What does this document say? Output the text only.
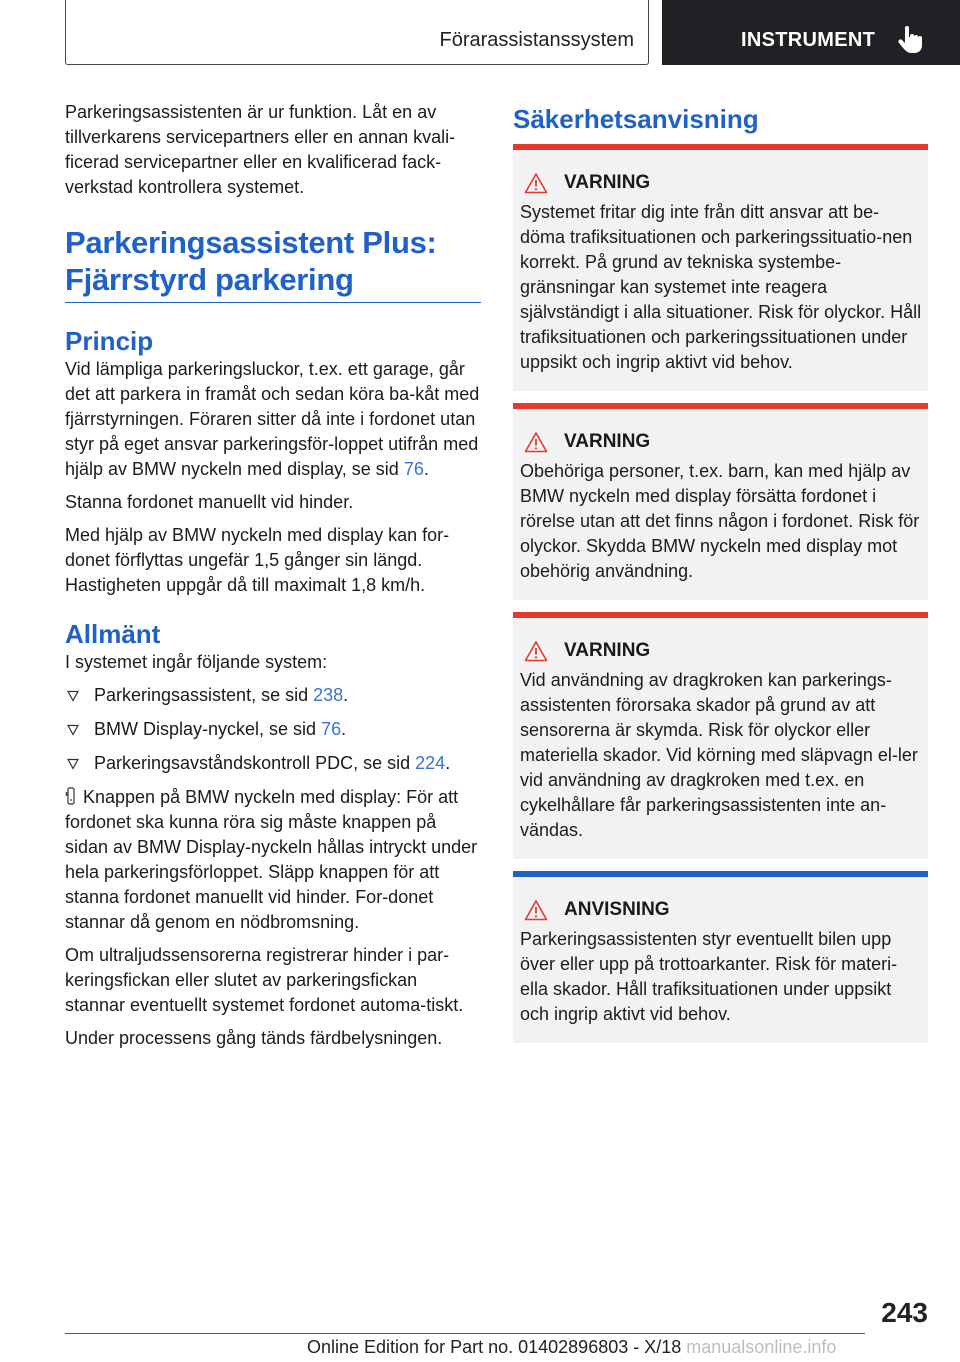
Förarassistanssystem	INSTRUMENT

Parkeringsassistenten är ur funktion. Låt en av tillverkarens servicepartners eller en annan kvali-ficerad servicepartner eller en kvalificerad fack-verkstad kontrollera systemet.

Parkeringsassistent Plus:
Fjärrstyrd parkering
Princip

Vid lämpliga parkeringsluckor, t.ex. ett garage, går det att parkera in framåt och sedan köra ba-kåt med fjärrstyrningen. Föraren sitter då inte i fordonet utan styr på eget ansvar parkeringsför-loppet utifrån med hjälp av BMW nyckeln med display, se sid 76.

Stanna fordonet manuellt vid hinder.

Med hjälp av BMW nyckeln med display kan for-donet förflyttas ungefär 1,5 gånger sin längd. Hastigheten uppgår då till maximalt 1,8 km/h.

Allmänt

I systemet ingår följande system:

Parkeringsassistent, se sid 238.
BMW Display-nyckel, se sid 76.
Parkeringsavståndskontroll PDC, se sid 224.

Knappen på BMW nyckeln med display: För att fordonet ska kunna röra sig måste knappen på sidan av BMW Display-nyckeln hållas intryckt under hela parkeringsförloppet. Släpp knappen för att stanna fordonet manuellt vid hinder. For-donet stannar då genom en nödbromsning.

Om ultraljudssensorerna registrerar hinder i par-keringsfickan eller slutet av parkeringsfickan stannar eventuellt systemet fordonet automa-tiskt.

Under processens gång tänds färdbelysningen.

Säkerhetsanvisning
VARNING

Systemet fritar dig inte från ditt ansvar att be-döma trafiksituationen och parkeringssituatio-nen korrekt. På grund av tekniska systembe-gränsningar kan systemet inte reagera självständigt i alla situationer. Risk för olyckor. Håll trafiksituationen och parkeringssituationen under uppsikt och ingrip aktivt vid behov.

VARNING

Obehöriga personer, t.ex. barn, kan med hjälp av BMW nyckeln med display försätta fordonet i rörelse utan att det finns någon i fordonet. Risk för olyckor. Skydda BMW nyckeln med display mot obehörig användning.

VARNING

Vid användning av dragkroken kan parkerings-assistenten förorsaka skador på grund av att sensorerna är skymda. Risk för olyckor eller materiella skador. Vid körning med släpvagn el-ler vid användning av dragkroken med t.ex. en cykelhållare får parkeringsassistenten inte an-vändas.

ANVISNING

Parkeringsassistenten styr eventuellt bilen upp över eller upp på trottoarkanter. Risk för materi-ella skador. Håll trafiksituationen under uppsikt och ingrip aktivt vid behov.

243
Online Edition for Part no. 01402896803 - X/18 manualsonline.info
